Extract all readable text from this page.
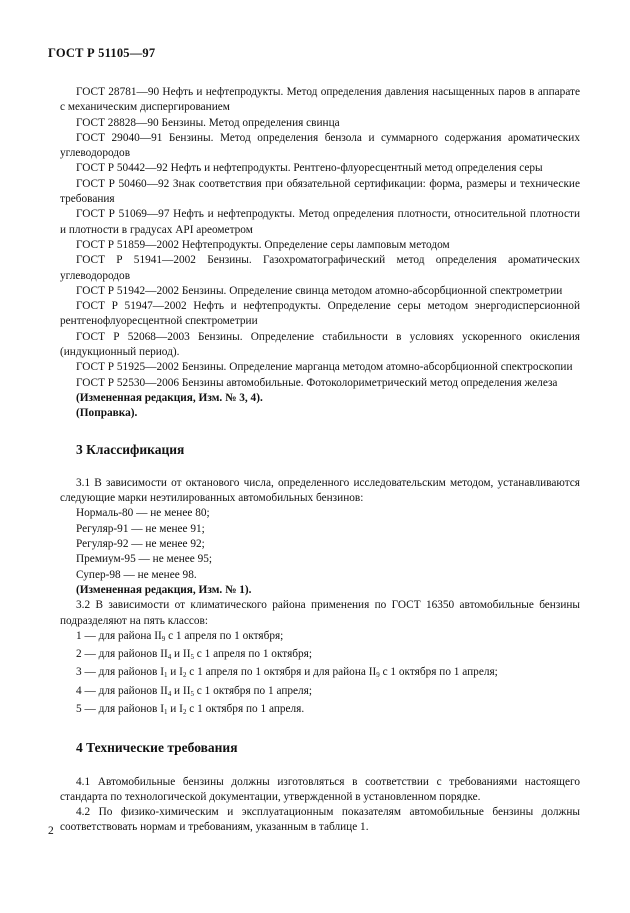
ГОСТ Р 51105—97

ГОСТ 28781—90 Нефть и нефтепродукты. Метод определения давления насыщенных паров в аппарате с механическим диспергированием

ГОСТ 28828—90 Бензины. Метод определения свинца

ГОСТ 29040—91 Бензины. Метод определения бензола и суммарного содержания ароматических углеводородов

ГОСТ Р 50442—92 Нефть и нефтепродукты. Рентгено-флуоресцентный метод определения серы

ГОСТ Р 50460—92 Знак соответствия при обязательной сертификации: форма, размеры и технические требования

ГОСТ Р 51069—97 Нефть и нефтепродукты. Метод определения плотности, относительной плотности и плотности в градусах API ареометром

ГОСТ Р 51859—2002 Нефтепродукты. Определение серы ламповым методом

ГОСТ Р 51941—2002 Бензины. Газохроматографический метод определения ароматических углеводородов

ГОСТ Р 51942—2002 Бензины. Определение свинца методом атомно-абсорбционной спектрометрии

ГОСТ Р 51947—2002 Нефть и нефтепродукты. Определение серы методом энергодисперсионной рентгенофлуоресцентной спектрометрии

ГОСТ Р 52068—2003 Бензины. Определение стабильности в условиях ускоренного окисления (индукционный период).

ГОСТ Р 51925—2002 Бензины. Определение марганца методом атомно-абсорбционной спектроскопии

ГОСТ Р 52530—2006 Бензины автомобильные. Фотоколориметрический метод определения железа

(Измененная редакция, Изм. № 3, 4).

(Поправка).

3 Классификация

3.1 В зависимости от октанового числа, определенного исследовательским методом, устанавливаются следующие марки неэтилированных автомобильных бензинов:

Нормаль-80 — не менее 80;

Регуляр-91 — не менее 91;

Регуляр-92 — не менее 92;

Премиум-95 — не менее 95;

Супер-98 — не менее 98.

(Измененная редакция, Изм. № 1).

3.2 В зависимости от климатического района применения по ГОСТ 16350 автомобильные бензины подразделяют на пять классов:

1 — для района $II_9$ с 1 апреля по 1 октября;

2 — для районов $II_4$ и $II_5$ с 1 апреля по 1 октября;

3 — для районов $I_1$ и $I_2$ с 1 апреля по 1 октября и для района $II_9$ с 1 октября по 1 апреля;

4 — для районов $II_4$ и $II_5$ с 1 октября по 1 апреля;

5 — для районов $I_1$ и $I_2$ с 1 октября по 1 апреля.

4 Технические требования

4.1 Автомобильные бензины должны изготовляться в соответствии с требованиями настоящего стандарта по технологической документации, утвержденной в установленном порядке.

4.2 По физико-химическим и эксплуатационным показателям автомобильные бензины должны соответствовать нормам и требованиям, указанным в таблице 1.

2
